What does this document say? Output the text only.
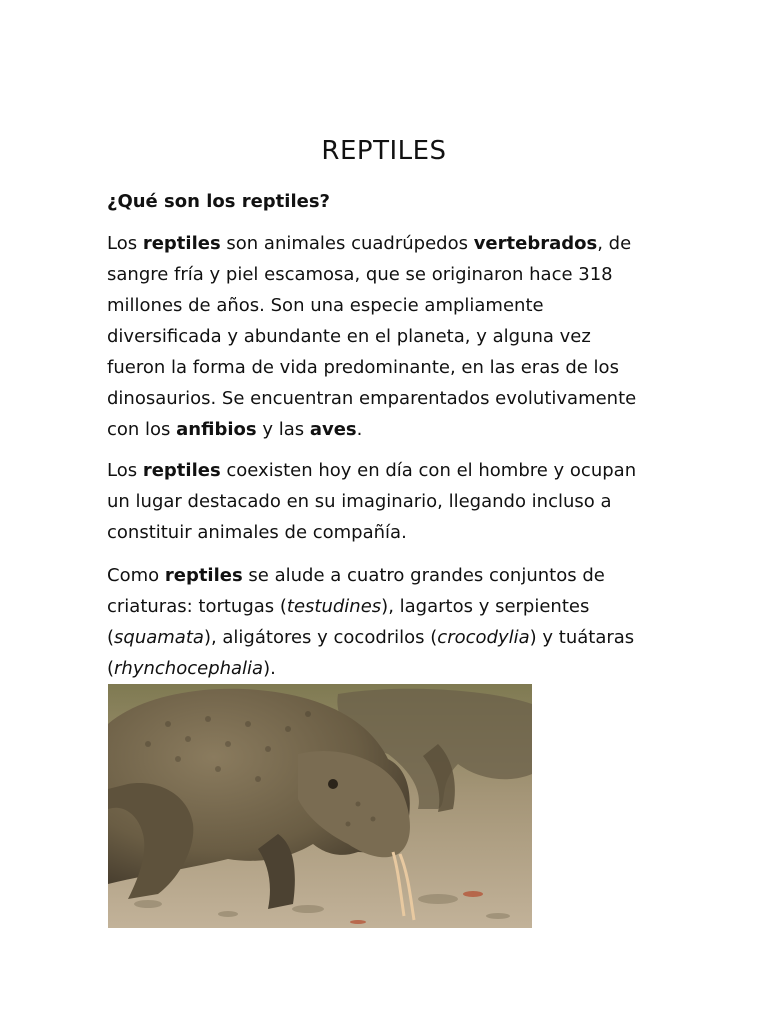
REPTILES
¿Qué son los reptiles?

Los reptiles son animales cuadrúpedos vertebrados, de
sangre fría y piel escamosa, que se originaron hace 318
millones de años. Son una especie ampliamente
diversificada y abundante en el planeta, y alguna vez
fueron la forma de vida predominante, en las eras de los
dinosaurios. Se encuentran emparentados evolutivamente
con los anfibios y las aves.

Los reptiles coexisten hoy en día con el hombre y ocupan
un lugar destacado en su imaginario, llegando incluso a
constituir animales de compañía.

Como reptiles se alude a cuatro grandes conjuntos de
criaturas: tortugas (testudines), lagartos y serpientes
(squamata), aligátores y cocodrilos (crocodylia) y tuátaras
(rhynchocephalia).
